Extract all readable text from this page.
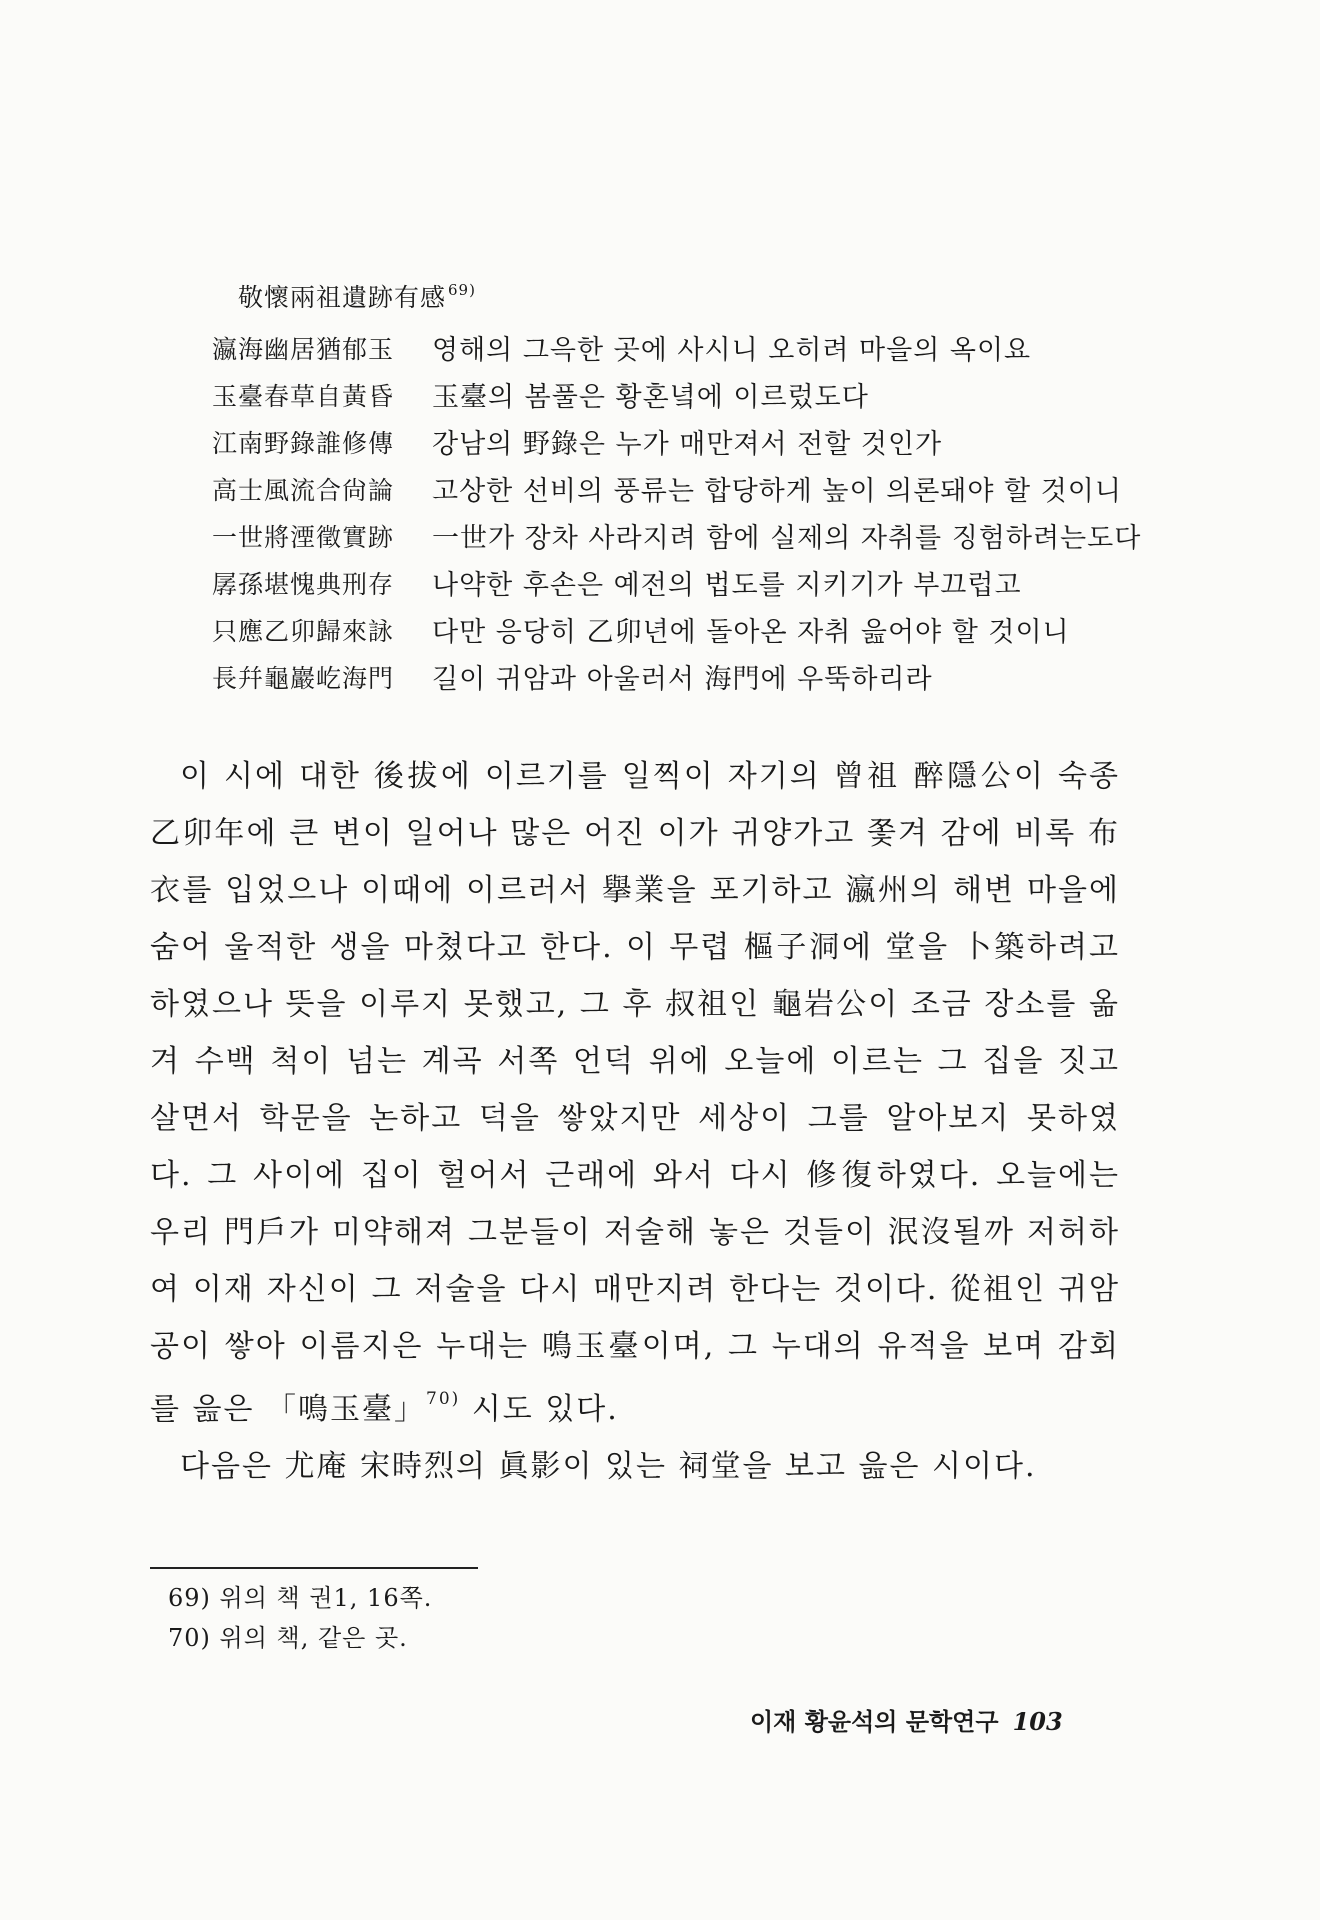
敬懷兩祖遺跡有感 $^{69)}$
瀛海幽居猶郁玉	영해의 그윽한 곳에 사시니 오히려 마을의 옥이요
玉臺春草自黃昏	玉臺의 봄풀은 황혼녘에 이르렀도다
江南野錄誰修傳	강남의 野錄은 누가 매만져서 전할 것인가
高士風流合尙論	고상한 선비의 풍류는 합당하게 높이 의론돼야 할 것이니
一世將湮徵實跡	一世가 장차 사라지려 함에 실제의 자취를 징험하려는도다
孱孫堪愧典刑存	나약한 후손은 예전의 법도를 지키기가 부끄럽고
只應乙卯歸來詠	다만 응당히 乙卯년에 돌아온 자취 읊어야 할 것이니
長幷龜巖屹海門	길이 귀암과 아울러서 海門에 우뚝하리라

이 시에 대한 後拔에 이르기를 일찍이 자기의 曾祖 醉隱公이 숙종 乙卯年에 큰 변이 일어나 많은 어진 이가 귀양가고 쫓겨 감에 비록 布衣를 입었으나 이때에 이르러서 擧業을 포기하고 瀛州의 해변 마을에 숨어 울적한 생을 마쳤다고 한다. 이 무렵 樞子洞에 堂을 卜築하려고 하였으나 뜻을 이루지 못했고, 그 후 叔祖인 龜岩公이 조금 장소를 옮겨 수백 척이 넘는 계곡 서쪽 언덕 위에 오늘에 이르는 그 집을 짓고 살면서 학문을 논하고 덕을 쌓았지만 세상이 그를 알아보지 못하였다. 그 사이에 집이 헐어서 근래에 와서 다시 修復하였다. 오늘에는 우리 門戶가 미약해져 그분들이 저술해 놓은 것들이 泯沒될까 저허하여 이재 자신이 그 저술을 다시 매만지려 한다는 것이다. 從祖인 귀암공이 쌓아 이름지은 누대는 鳴玉臺이며, 그 누대의 유적을 보며 감회를 읊은 「鳴玉臺」$^{70)}$ 시도 있다.

다음은 尤庵 宋時烈의 眞影이 있는 祠堂을 보고 읊은 시이다.

69) 위의 책 권1, 16쪽.
70) 위의 책, 같은 곳.
이재 황윤석의 문학연구 103
